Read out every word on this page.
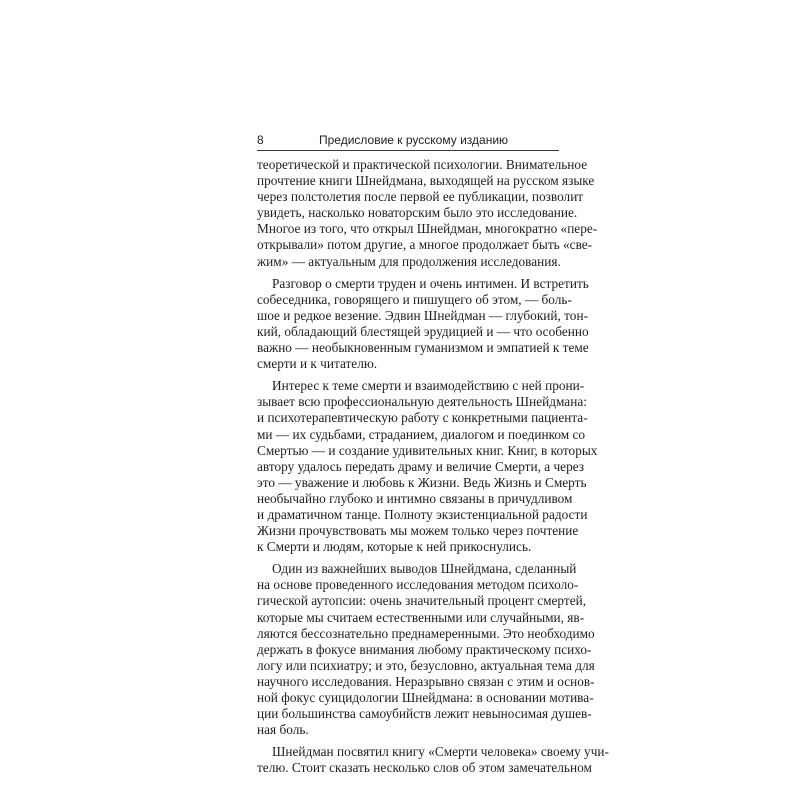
8	Предисловие к русскому изданию

теоретической и практической психологии. Внимательное
прочтение книги Шнейдмана, выходящей на русском языке
через полстолетия после первой ее публикации, позволит
увидеть, насколько новаторским было это исследование.
Многое из того, что открыл Шнейдман, многократно «пере-
открывали» потом другие, а многое продолжает быть «све-
жим» — актуальным для продолжения исследования.

Разговор о смерти труден и очень интимен. И встретить
собеседника, говорящего и пишущего об этом, — боль-
шое и редкое везение. Эдвин Шнейдман — глубокий, тон-
кий, обладающий блестящей эрудицией и — что особенно
важно — необыкновенным гуманизмом и эмпатией к теме
смерти и к читателю.

Интерес к теме смерти и взаимодействию с ней прони-
зывает всю профессиональную деятельность Шнейдмана:
и психотерапевтическую работу с конкретными пациента-
ми — их судьбами, страданием, диалогом и поединком со
Смертью — и создание удивительных книг. Книг, в которых
автору удалось передать драму и величие Смерти, а через
это — уважение и любовь к Жизни. Ведь Жизнь и Смерть
необычайно глубоко и интимно связаны в причудливом
и драматичном танце. Полноту экзистенциальной радости
Жизни прочувствовать мы можем только через почтение
к Смерти и людям, которые к ней прикоснулись.

Один из важнейших выводов Шнейдмана, сделанный
на основе проведенного исследования методом психоло-
гической аутопсии: очень значительный процент смертей,
которые мы считаем естественными или случайными, яв-
ляются бессознательно преднамеренными. Это необходимо
держать в фокусе внимания любому практическому психо-
логу или психиатру; и это, безусловно, актуальная тема для
научного исследования. Неразрывно связан с этим и основ-
ной фокус суицидологии Шнейдмана: в основании мотива-
ции большинства самоубийств лежит невыносимая душев-
ная боль.

Шнейдман посвятил книгу «Смерти человека» своему учи-
телю. Стоит сказать несколько слов об этом замечательном
